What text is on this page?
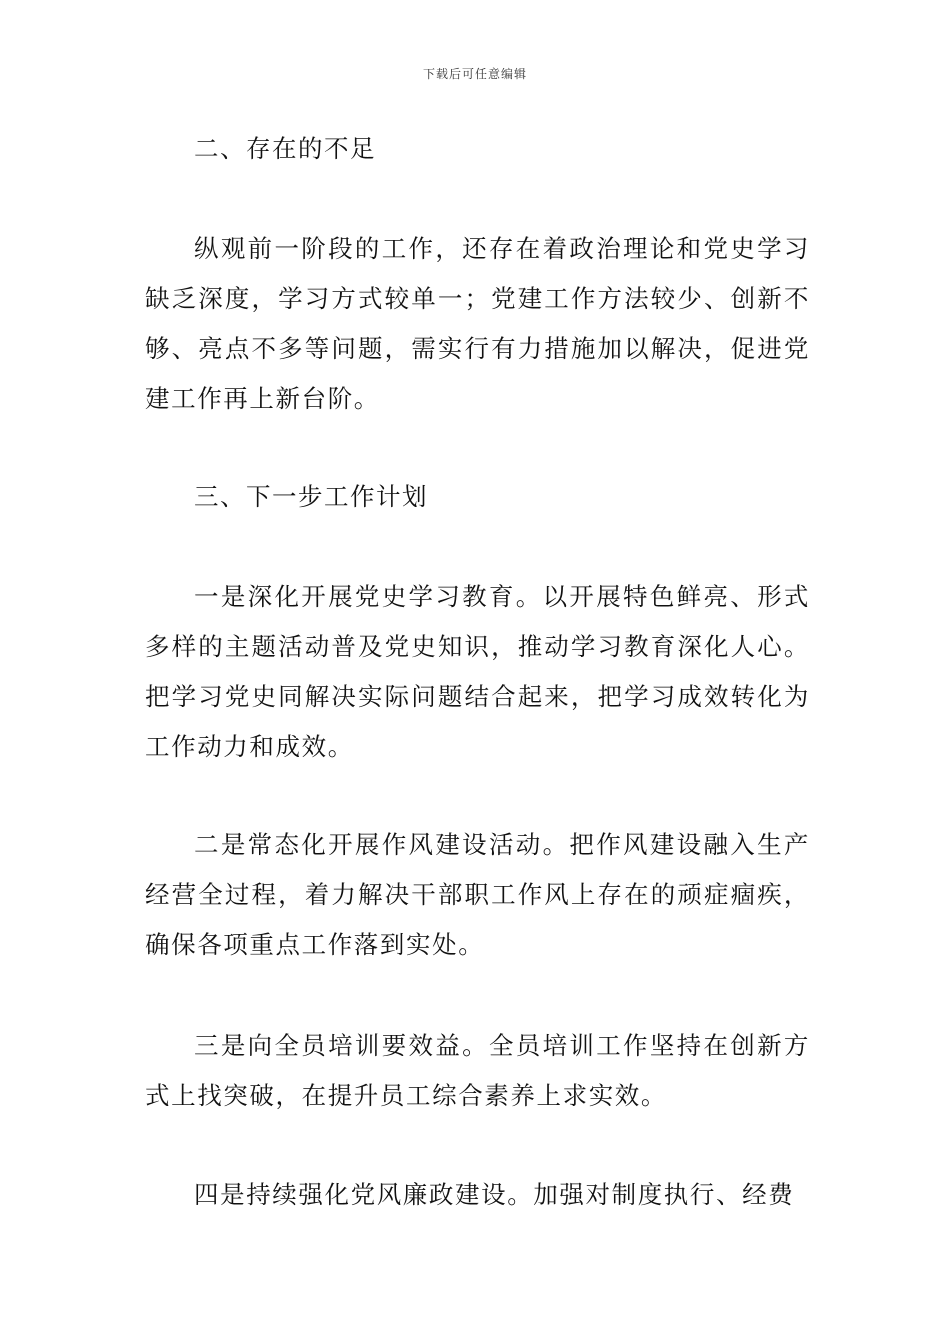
下载后可任意编辑
二、存在的不足
纵观前一阶段的工作，还存在着政治理论和党史学习缺乏深度，学习方式较单一；党建工作方法较少、创新不够、亮点不多等问题，需实行有力措施加以解决，促进党建工作再上新台阶。
三、下一步工作计划
一是深化开展党史学习教育。以开展特色鲜亮、形式多样的主题活动普及党史知识，推动学习教育深化人心。把学习党史同解决实际问题结合起来，把学习成效转化为工作动力和成效。
二是常态化开展作风建设活动。把作风建设融入生产经营全过程，着力解决干部职工作风上存在的顽症痼疾，确保各项重点工作落到实处。
三是向全员培训要效益。全员培训工作坚持在创新方式上找突破，在提升员工综合素养上求实效。
四是持续强化党风廉政建设。加强对制度执行、经费
